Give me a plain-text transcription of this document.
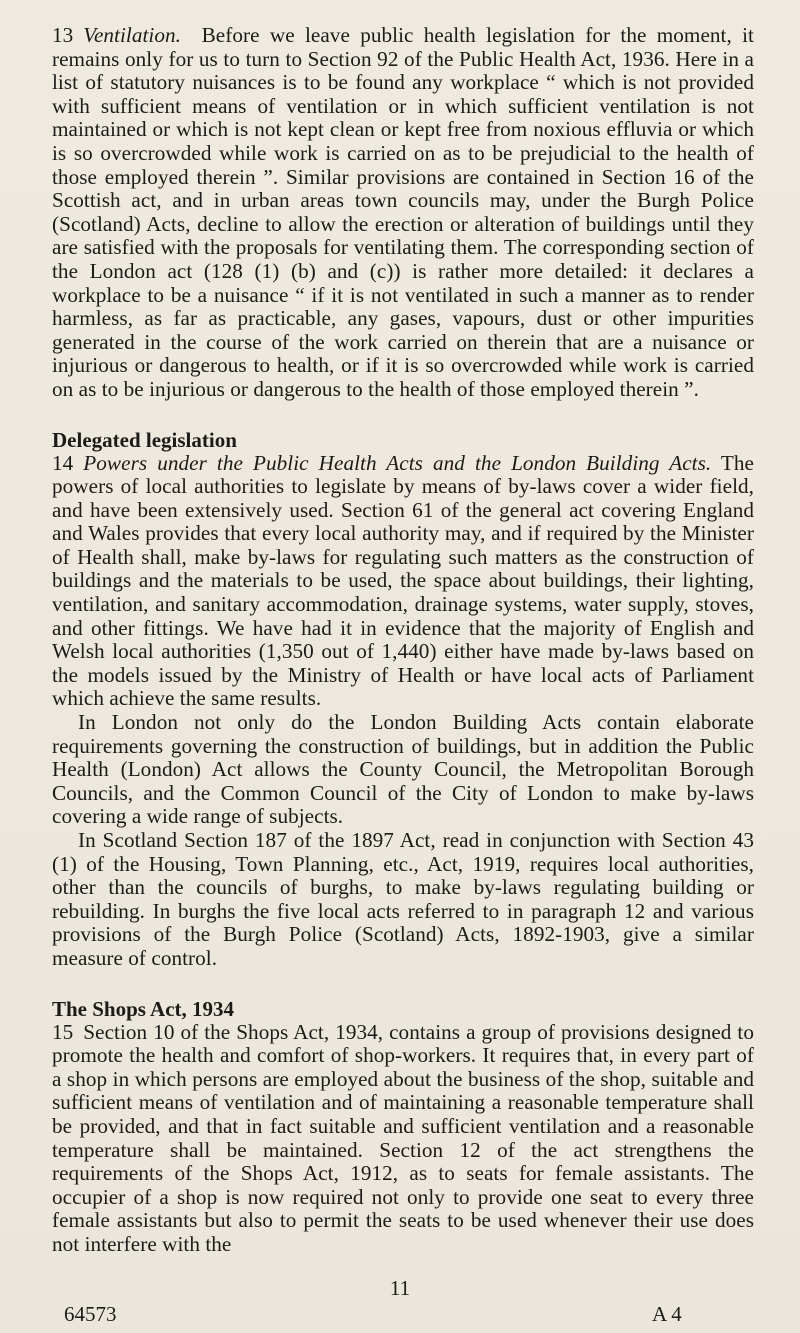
13 Ventilation. Before we leave public health legislation for the moment, it remains only for us to turn to Section 92 of the Public Health Act, 1936. Here in a list of statutory nuisances is to be found any workplace “ which is not provided with sufficient means of ventilation or in which sufficient ventilation is not maintained or which is not kept clean or kept free from noxious effluvia or which is so overcrowded while work is carried on as to be prejudicial to the health of those employed therein ”. Similar provisions are contained in Section 16 of the Scottish act, and in urban areas town councils may, under the Burgh Police (Scotland) Acts, decline to allow the erection or alteration of buildings until they are satisfied with the proposals for ventilating them. The corresponding section of the London act (128 (1) (b) and (c)) is rather more detailed: it declares a workplace to be a nuisance “ if it is not ventilated in such a manner as to render harmless, as far as practicable, any gases, vapours, dust or other impurities generated in the course of the work carried on therein that are a nuisance or injurious or dangerous to health, or if it is so overcrowded while work is carried on as to be injurious or dangerous to the health of those employed therein ”.

Delegated legislation

14 Powers under the Public Health Acts and the London Building Acts. The powers of local authorities to legislate by means of by-laws cover a wider field, and have been extensively used. Section 61 of the general act covering England and Wales provides that every local authority may, and if required by the Minister of Health shall, make by-laws for regulating such matters as the construction of buildings and the materials to be used, the space about buildings, their lighting, ventilation, and sanitary accommodation, drainage systems, water supply, stoves, and other fittings. We have had it in evidence that the majority of English and Welsh local authorities (1,350 out of 1,440) either have made by-laws based on the models issued by the Ministry of Health or have local acts of Parliament which achieve the same results.

In London not only do the London Building Acts contain elaborate requirements governing the construction of buildings, but in addition the Public Health (London) Act allows the County Council, the Metropolitan Borough Councils, and the Common Council of the City of London to make by-laws covering a wide range of subjects.

In Scotland Section 187 of the 1897 Act, read in conjunction with Section 43 (1) of the Housing, Town Planning, etc., Act, 1919, requires local authorities, other than the councils of burghs, to make by-laws regulating building or rebuilding. In burghs the five local acts referred to in paragraph 12 and various provisions of the Burgh Police (Scotland) Acts, 1892-1903, give a similar measure of control.

The Shops Act, 1934

15 Section 10 of the Shops Act, 1934, contains a group of provisions designed to promote the health and comfort of shop-workers. It requires that, in every part of a shop in which persons are employed about the business of the shop, suitable and sufficient means of ventilation and of maintaining a reasonable temperature shall be provided, and that in fact suitable and sufficient ventilation and a reasonable temperature shall be maintained. Section 12 of the act strengthens the requirements of the Shops Act, 1912, as to seats for female assistants. The occupier of a shop is now required not only to provide one seat to every three female assistants but also to permit the seats to be used whenever their use does not interfere with the

11
64573	A 4
